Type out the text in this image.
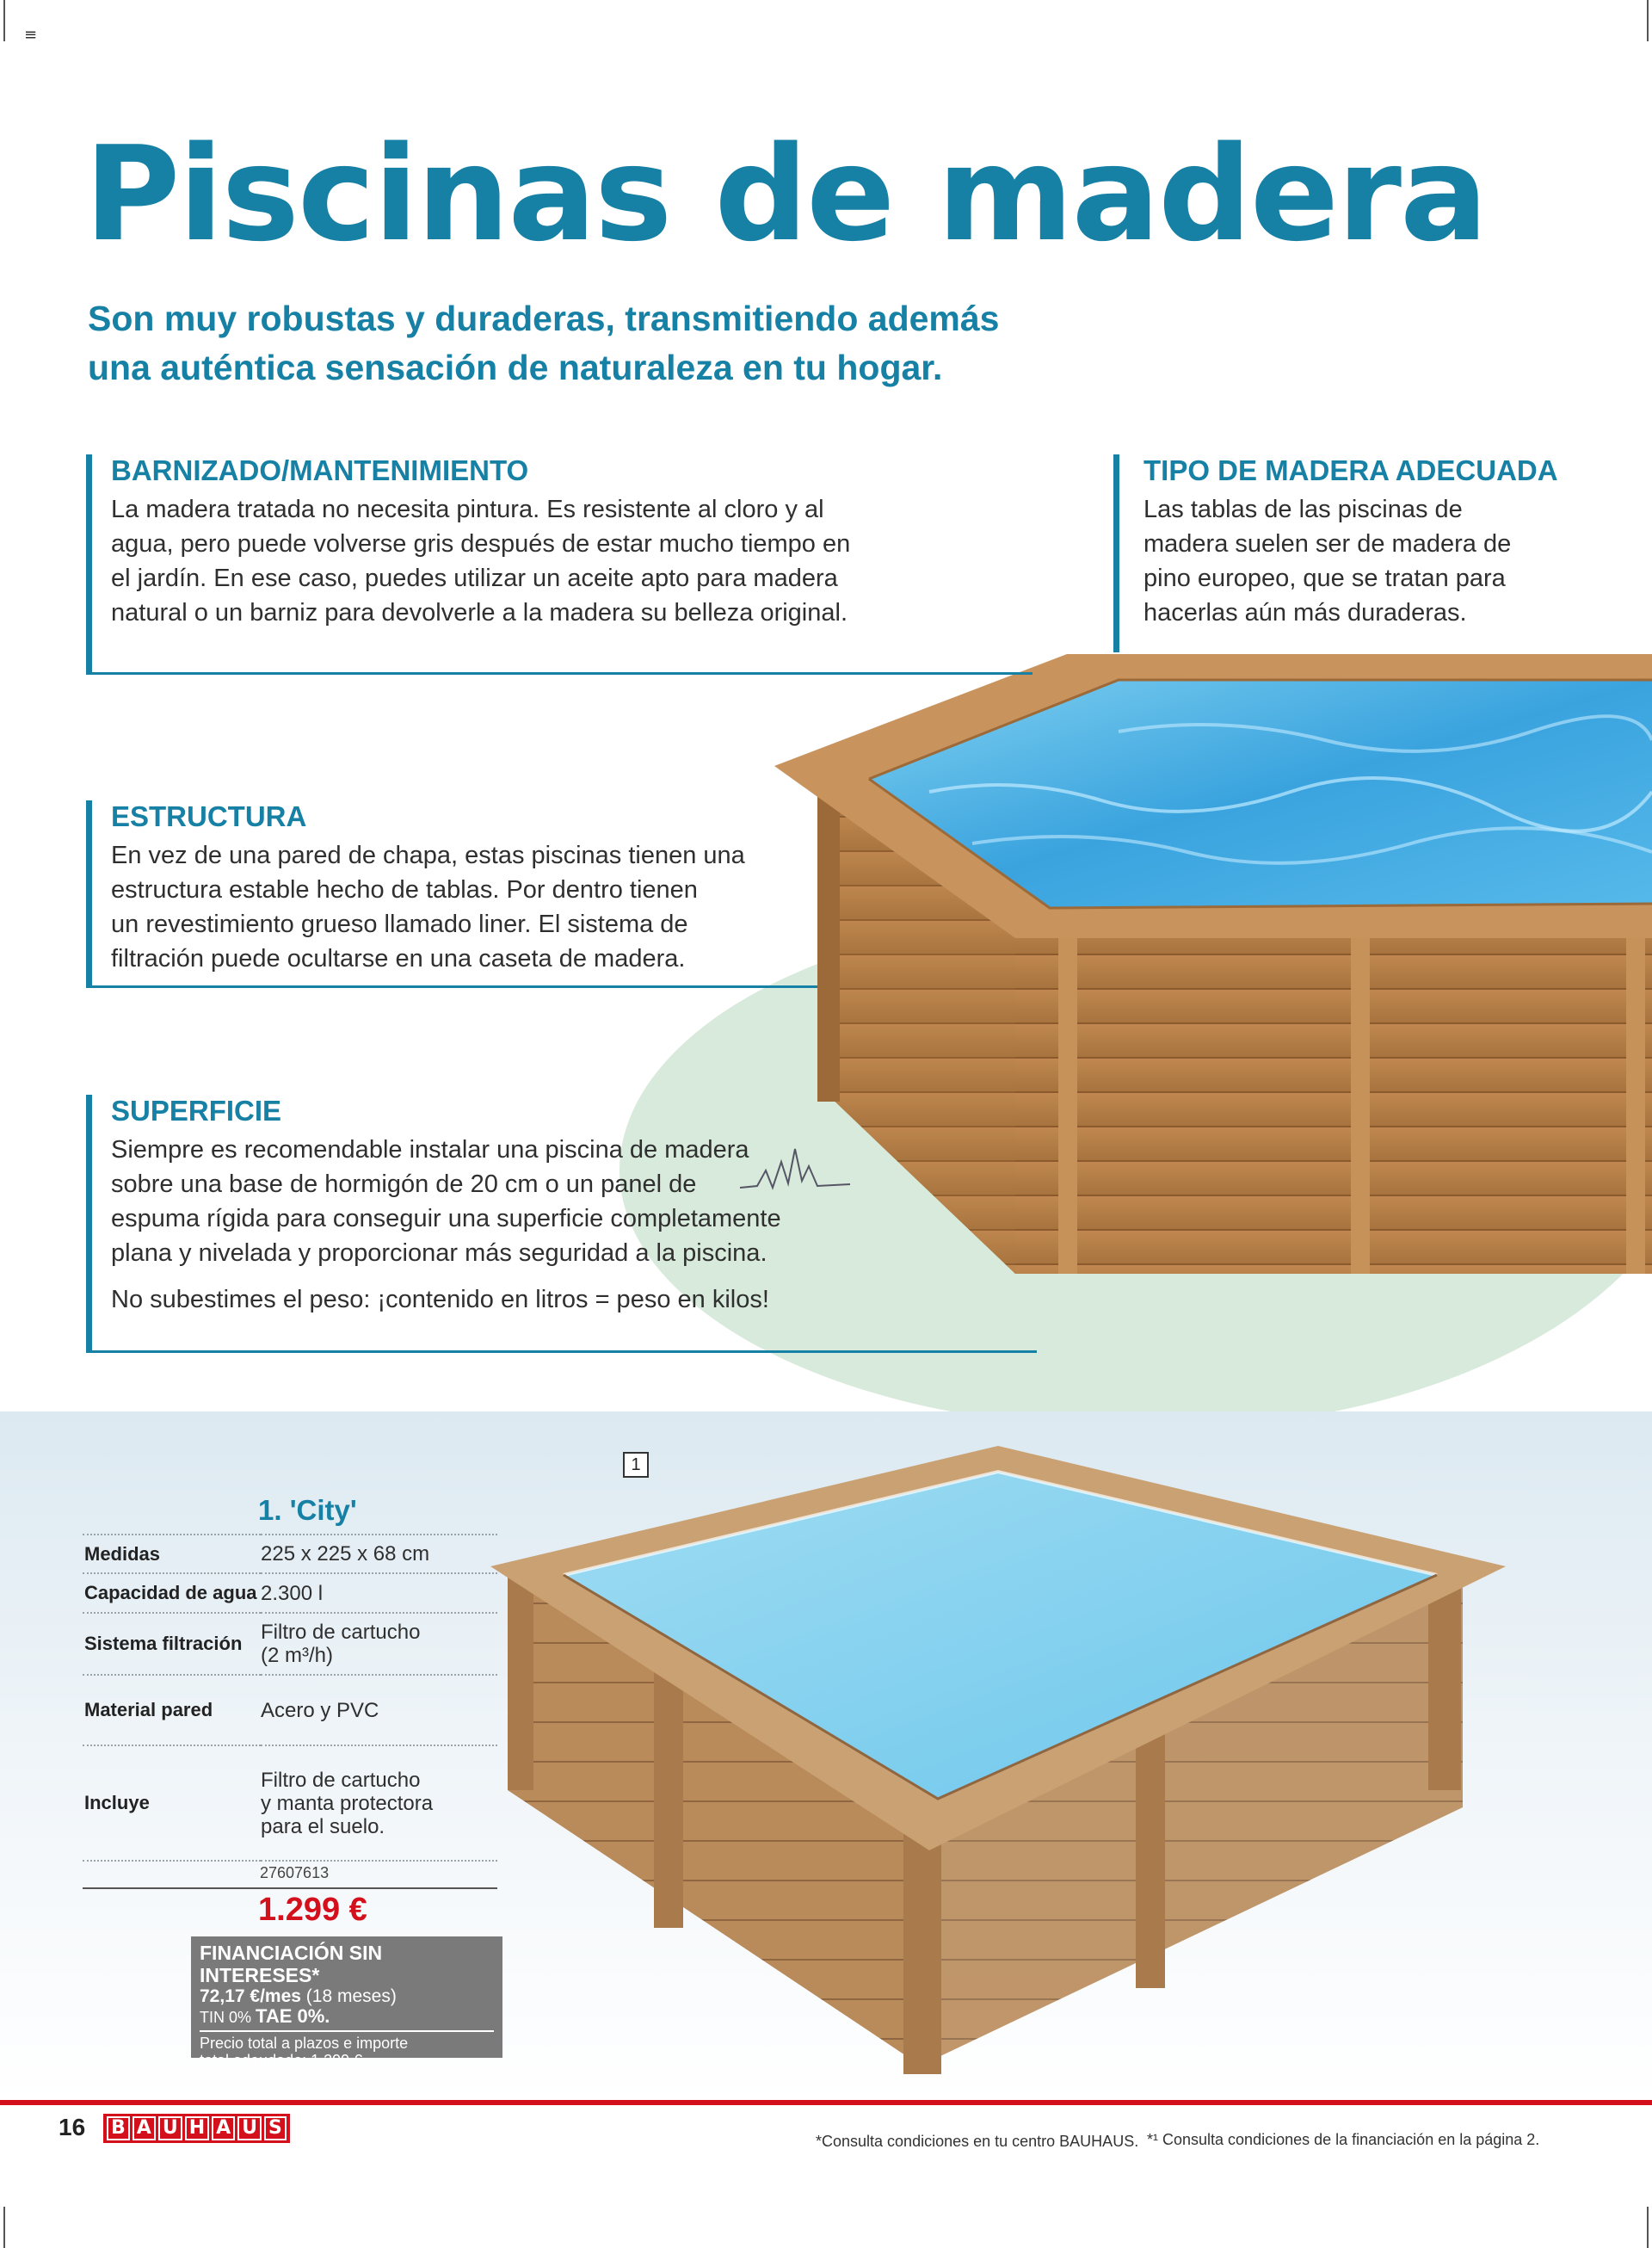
≡
Piscinas de madera
Son muy robustas y duraderas, transmitiendo además
una auténtica sensación de naturaleza en tu hogar.
BARNIZADO/MANTENIMIENTO

La madera tratada no necesita pintura. Es resistente al cloro y al
agua, pero puede volverse gris después de estar mucho tiempo en
el jardín. En ese caso, puedes utilizar un aceite apto para madera
natural o un barniz para devolverle a la madera su belleza original.

TIPO DE MADERA ADECUADA

Las tablas de las piscinas de
madera suelen ser de madera de
pino europeo, que se tratan para
hacerlas aún más duraderas.

ESTRUCTURA

En vez de una pared de chapa, estas piscinas tienen una
estructura estable hecho de tablas. Por dentro tienen
un revestimiento grueso llamado liner. El sistema de
filtración puede ocultarse en una caseta de madera.

SUPERFICIE

Siempre es recomendable instalar una piscina de madera
sobre una base de hormigón de 20 cm o un panel de
espuma rígida para conseguir una superficie completamente
plana y nivelada y proporcionar más seguridad a la piscina.

No subestimes el peso: ¡contenido en litros = peso en kilos!

1
1. 'City'
Medidas	225 x 225 x 68 cm
Capacidad de agua	2.300 l
Sistema filtración	Filtro de cartucho
(2 m³/h)
Material pared	Acero y PVC
Incluye	Filtro de cartucho
y manta protectora
para el suelo.

27607613
1.299 €
FINANCIACIÓN SIN INTERESES*
72,17 €/mes (18 meses)
TIN 0% TAE 0%.
Precio total a plazos e importe
total adeudado: 1.299 €
16 B A U H A U S
*Consulta condiciones en tu centro BAUHAUS. *¹ Consulta condiciones de la financiación en la página 2.
